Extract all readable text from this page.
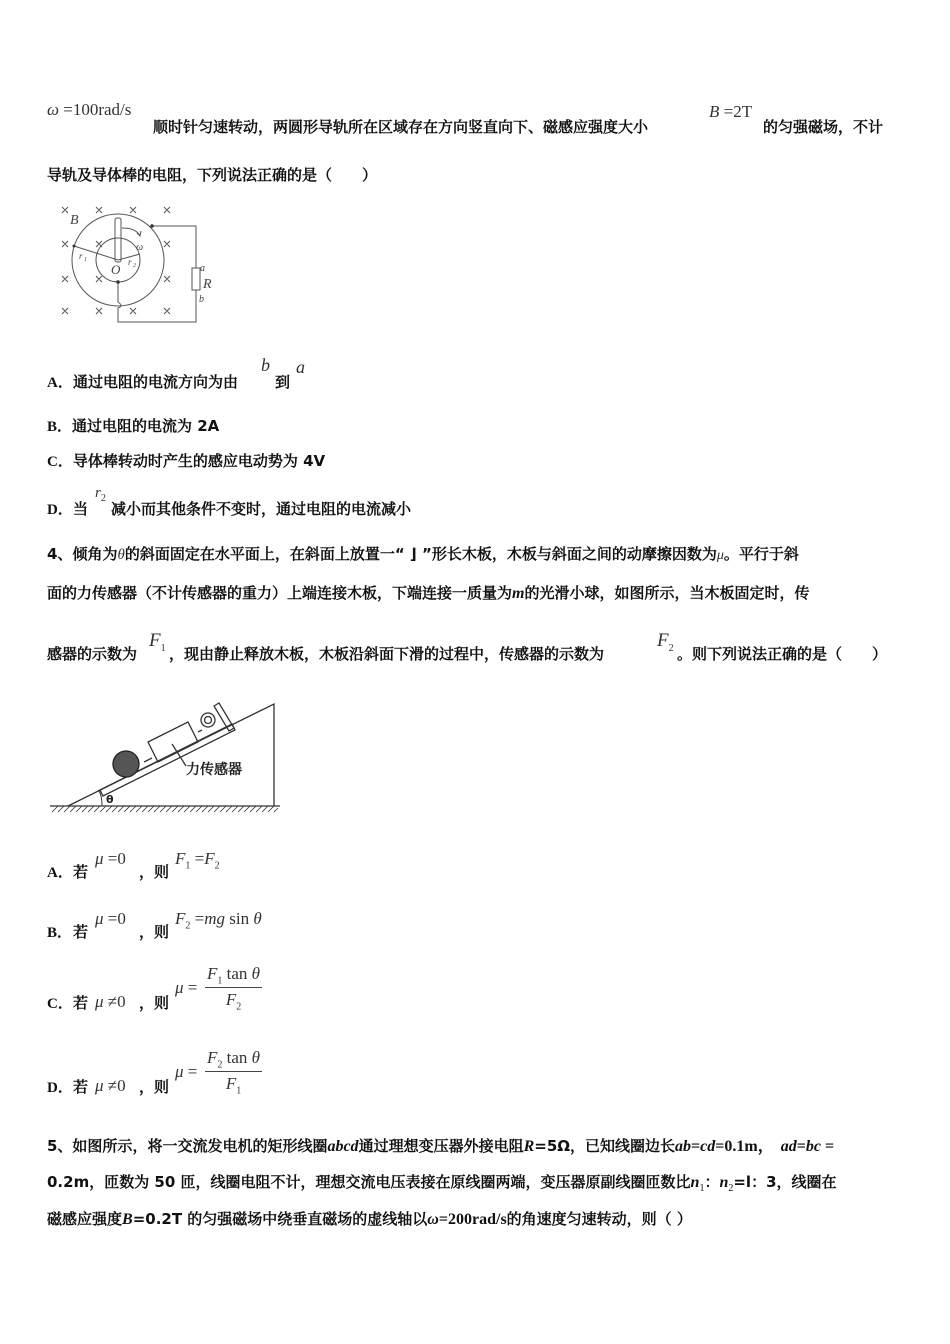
ω =100rad/s
顺时针匀速转动，两圆形导轨所在区域存在方向竖直向下、磁感应强度大小
B =2T
的匀强磁场，不计
导轨及导体棒的电阻，下列说法正确的是（　　）
B
r 1	r 2
O
ω
a
R
b
A． 通过电阻的电流方向为由
b
到
a
B．通过电阻的电流为 2A
C．导体棒转动时产生的感应电动势为 4V
D． 当
$r_2$
减小而其他条件不变时，通过电阻的电流减小
4、倾角为θ的斜面固定在水平面上，在斜面上放置一“ ⌋ ”形长木板，木板与斜面之间的动摩擦因数为μ。平行于斜
面的力传感器（不计传感器的重力）上端连接木板，下端连接一质量为m的光滑小球，如图所示，当木板固定时，传
感器的示数为
$F_1$ ，现由静止释放木板，木板沿斜面下滑的过程中，传感器的示数为
$F_2$ 。则下列说法正确的是（　　）
力传感器
θ
A． 若
μ =0
，则
$F_1 =F_2$
B． 若
μ =0
，则
$F_2 =mg$ sin θ
C． 若 μ ≠0 ，则
$\mu = \frac{F_1 \tan \theta}{F_2}$
D． 若 μ ≠0 ，则
$\mu = \frac{F_2 \tan \theta}{F_1}$
5、如图所示，将一交流发电机的矩形线圈abcd通过理想变压器外接电阻R=5Ω，已知线圈边长ab=cd=0.1m，　 ad=bc =
0.2m，匝数为 50 匝，线圈电阻不计，理想交流电压表接在原线圈两端，变压器原副线圈匝数比$n_1$：$n_2=l$：3，线圈在
磁感应强度B=0.2T 的匀强磁场中绕垂直磁场的虚线轴以ω=200rad/s的角速度匀速转动，则（ ）
